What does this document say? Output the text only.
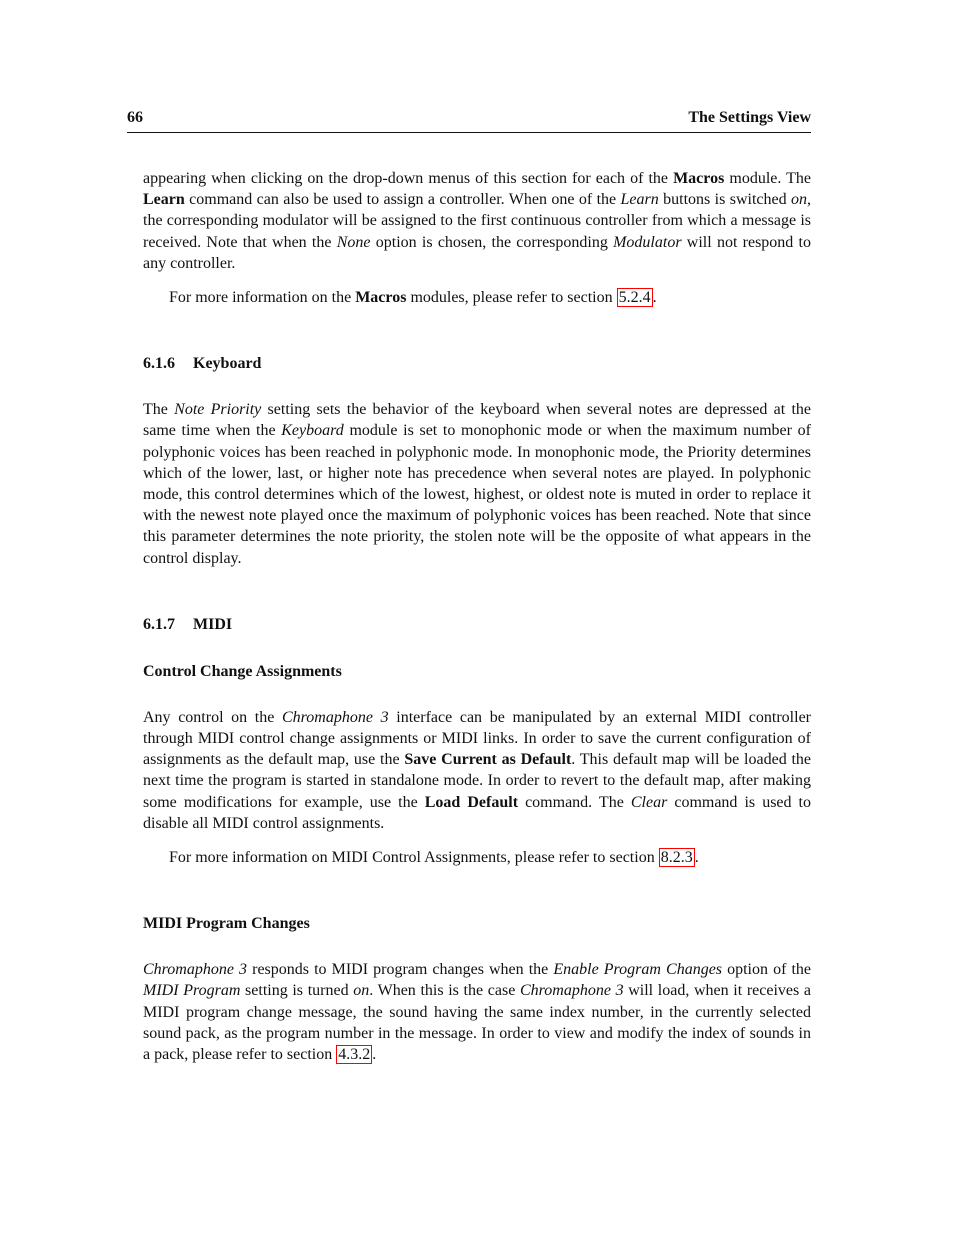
66	The Settings View

appearing when clicking on the drop-down menus of this section for each of the Macros module. The Learn command can also be used to assign a controller. When one of the Learn buttons is switched on, the corresponding modulator will be assigned to the first continuous controller from which a message is received. Note that when the None option is chosen, the corresponding Modulator will not respond to any controller.

For more information on the Macros modules, please refer to section 5.2.4 .

6.1.6 Keyboard

The Note Priority setting sets the behavior of the keyboard when several notes are depressed at the same time when the Keyboard module is set to monophonic mode or when the maximum number of polyphonic voices has been reached in polyphonic mode. In monophonic mode, the Priority determines which of the lower, last, or higher note has precedence when several notes are played. In polyphonic mode, this control determines which of the lowest, highest, or oldest note is muted in order to replace it with the newest note played once the maximum of polyphonic voices has been reached. Note that since this parameter determines the note priority, the stolen note will be the opposite of what appears in the control display.

6.1.7 MIDI
Control Change Assignments

Any control on the Chromaphone 3 interface can be manipulated by an external MIDI controller through MIDI control change assignments or MIDI links. In order to save the current configuration of assignments as the default map, use the Save Current as Default. This default map will be loaded the next time the program is started in standalone mode. In order to revert to the default map, after making some modifications for example, use the Load Default command. The Clear command is used to disable all MIDI control assignments.

For more information on MIDI Control Assignments, please refer to section 8.2.3 .

MIDI Program Changes

Chromaphone 3 responds to MIDI program changes when the Enable Program Changes option of the MIDI Program setting is turned on. When this is the case Chromaphone 3 will load, when it receives a MIDI program change message, the sound having the same index number, in the currently selected sound pack, as the program number in the message. In order to view and modify the index of sounds in a pack, please refer to section 4.3.2 .
